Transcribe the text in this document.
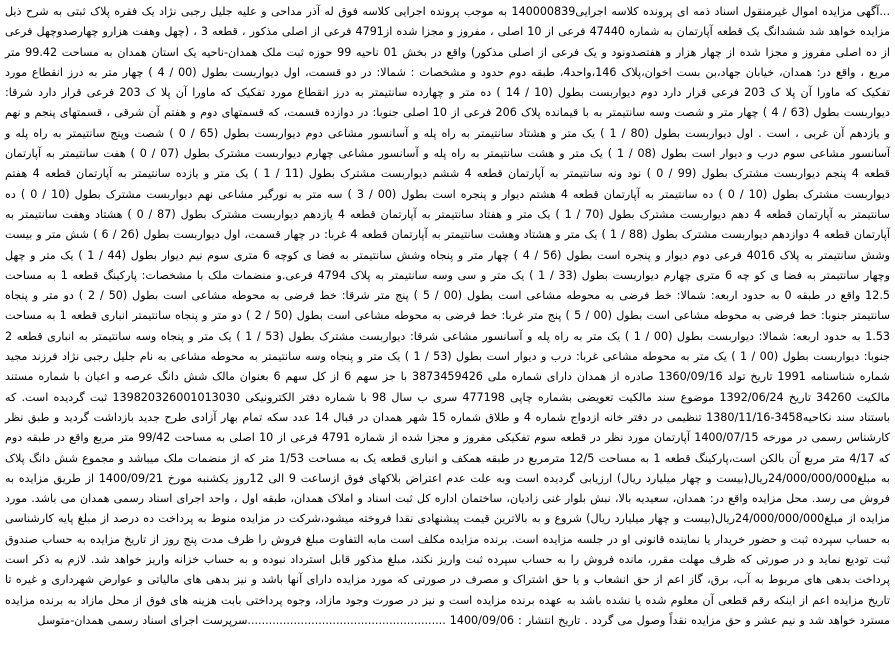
...آگهی مزایده اموال غیرمنقول اسناد ذمه ای پرونده کلاسه اجرایی140000839 به موجب پرونده اجرایی کلاسه فوق له آذر مداحی و علیه جلیل رجبی نژاد یک فقره پلاک ثبتی به شرح ذیل مزایده خواهد شد ششدانگ یک قطعه آپارتمان به شماره 47440 فرعی از 10 اصلی ، مفروز و مجزا شده از4791 فرعی از اصلی مذکور ، قطعه 3 ، (چهل وهفت هزارو چهارصدوچهل فرعی از ده اصلی مفروز و مجزا شده از چهار هزار و هفتصدونود و یک فرعی از اصلی مذکور) واقع در بخش 01 ناحیه 99 حوزه ثبت ملک همدان-ناحیه یک استان همدان به مساحت 99.42 متر مربع ، واقع در: همدان، خیابان جهاد،بن بست اخوان،پلاک 146،واحد4، طبقه دوم حدود و مشخصات : شمالا: در دو قسمت، اول دیواربست بطول (00 / 4 ) چهار متر به درز انقطاع مورد تفکیک که ماورا آن پلا ک 203 فرعی قرار دارد دوم دیواربست بطول (10 / 14 ) ده متر و چهارده سانتیمتر به درز انقطاع مورد تفکیک که ماورا آن پلا ک 203 فرعی قرار دارد شرقا: دیواربست بطول (63 / 4 ) چهار متر و شصت وسه سانتیمتر به با قیمانده پلاک 206 فرعی از 10 اصلی جنوبا: در دوازده قسمت، که قسمتهای دوم و هفتم آن شرقی ، قسمتهای پنجم و نهم و یازدهم آن غربی ، است . اول دیواربست بطول (80 / 1 ) یک متر و هشتاد سانتیمتر به راه پله و آسانسور مشاعی دوم دیواربست بطول (65 / 0 ) شصت وپنج سانتیمتر به راه پله و آسانسور مشاعی سوم درب و دیوار است بطول (08 / 1 ) یک متر و هشت سانتیمتر به راه پله و آسانسور مشاعی چهارم دیواربست مشترک بطول (07 / 0 ) هفت سانتیمتر به آپارتمان قطعه 4 پنجم دیواربست مشترک بطول (99 / 0 ) نود ونه سانتیمتر به آپارتمان قطعه 4 ششم دیواربست مشترک بطول (11 / 1 ) یک متر و یازده سانتیمتر به آپارتمان قطعه 4 هفتم دیواربست مشترک بطول (10 / 0 ) ده سانتیمتر به آپارتمان قطعه 4 هشتم دیوار و پنجره است بطول (00 / 3 ) سه متر به نورگیر مشاعی نهم دیواربست مشترک بطول (10 / 0 ) ده سانتیمتر به آپارتمان قطعه 4 دهم دیواربست مشترک بطول (70 / 1 ) یک متر و هفتاد سانتیمتر به آپارتمان قطعه 4 یازدهم دیواربست مشترک بطول (87 / 0 ) هشتاد وهفت سانتیمتر به آپارتمان قطعه 4 دوازدهم دیواربست مشترک بطول (88 / 1 ) یک متر و هشتاد وهشت سانتیمتر به آپارتمان قطعه 4 غربا: در چهار قسمت، اول دیواربست بطول (26 / 6 ) شش متر و بیست وشش سانتیمتر به پلاک 4016 فرعی دوم دیوار و پنجره است بطول (56 / 4 ) چهار متر و پنجاه وشش سانتیمتر به فضا ی کوچه 6 متری سوم نیم دیوار بطول (44 / 1 ) یک متر و چهل وچهار سانتیمتر به فضا ی کو چه 6 متری چهارم دیواربست بطول (33 / 1 ) یک متر و سی وسه سانتیمتر به پلاک 4794 فرعی.و منضمات ملک با مشخصات: پارکینگ قطعه 1 به مساحت 12.5 واقع در طبقه 0 به حدود اربعه: شمالا: خط فرضی به محوطه مشاعی است بطول (00 / 5 ) پنج متر شرقا: خط فرضی به محوطه مشاعی است بطول (50 / 2 ) دو متر و پنجاه سانتیمتر جنوبا: خط فرضی به محوطه مشاعی است بطول (00 / 5 ) پنج متر غربا: خط فرضی به محوطه مشاعی است بطول (50 / 2 ) دو متر و پنجاه سانتیمتر انباری قطعه 1 به مساحت 1.53 به حدود اربعه: شمالا: دیواربست بطول (00 / 1 ) یک متر به راه پله و آسانسور مشاعی شرقا: دیواربست مشترک بطول (53 / 1 ) یک متر و پنجاه وسه سانتیمتر به انباری قطعه 2 جنوبا: دیواربست بطول (00 / 1 ) یک متر به محوطه مشاعی غربا: درب و دیوار است بطول (53 / 1 ) یک متر و پنجاه وسه سانتیمتر به محوطه مشاعی به نام جلیل رجبی نژاد فرزند مجید شماره شناسنامه 1991 تاریخ تولد 1360/09/16 صادره از همدان دارای شماره ملی 3873459426 با جز سهم 6 از کل سهم 6 بعنوان مالک شش دانگ عرصه و اعیان با شماره مستند مالکیت 34260 تاریخ 1392/06/24 موضوع سند مالکیت تعویضی بشماره چاپی 477198 سری ب سال 98 با شماره دفتر الکترونیکی 139820326001013030 ثبت گردیده است. که باستناد سند نکاحیه3458-1380/11/16 تنظیمی در دفتر خانه ازدواج شماره 4 و طلاق شماره 15 شهر همدان در قبال 14 عدد سکه تمام بهار آزادی طرح جدید بازداشت گردید و طبق نظر کارشناس رسمی در مورخه 1400/07/15 آپارتمان مورد نظر در قطعه سوم تفکیکی مفروز و مجزا شده از شماره 4791 فرعی از 10 اصلی به مساحت 99/42 متر مربع واقع در طبقه دوم که 4/17 متر مربع آن بالکن است،پارکینگ قطعه 1 به مساحت 12/5 مترمربع در طبقه همکف و انباری قطعه یک به مساحت 1/53 متر که از منضمات ملک میباشد و مجموع شش دانگ پلاک به مبلغ24/000/000/000ریال(بیست و چهار میلیارد ریال) ارزیابی گردیده است وبه علت عدم اعتراض بلاکهای فوق ازساعت 9 الی 12روز یکشنبه مورخ 1400/09/21 از طریق مزایده به فروش می رسد. محل مزایده واقع در: همدان، سعیدیه بالا، نبش بلوار غنی زادیان، ساختمان اداره کل ثبت اسناد و املاک همدان، طبقه اول ، واحد اجرای اسناد رسمی همدان می باشد. مورد مزایده از مبلغ24/000/000/000ریال(بیست و چهار میلیارد ریال) شروع و به بالاترین قیمت پیشنهادی نقدا فروخته میشود،شرکت در مزایده منوط به پرداخت ده درصد از مبلغ پایه کارشناسی به حساب سپرده ثبت و حضور خریدار یا نماینده قانونی او در جلسه مزایده است. برنده مزایده مکلف است مابه التفاوت مبلغ فروش را ظرف مدت پنج روز از تاریخ مزایده به حساب صندوق ثبت تودیع نماید و در صورتی که ظرف مهلت مقرر، مانده فروش را به حساب سپرده ثبت واریز نکند، مبلغ مذکور قابل استرداد نبوده و به حساب خزانه واریز خواهد شد. لازم به ذکر است پرداخت بدهی های مربوط به آب، برق، گاز اعم از حق انشعاب و یا حق اشتراک و مصرف در صورتی که مورد مزایده دارای آنها باشد و نیز بدهی های مالیاتی و عوارض شهرداری و غیره تا تاریخ مزایده اعم از اینکه رقم قطعی آن معلوم شده یا نشده باشد به عهده برنده مزایده است و نیز در صورت وجود مازاد، وجوه پرداختی بابت هزینه های فوق از محل مازاد به برنده مزایده مسترد خواهد شد و نیم عشر و حق مزایده نقداً وصول می گردد . تاریخ انتشار : 1400/09/06 ........................................................سرپرست اجرای اسناد رسمی همدان-متوسل
